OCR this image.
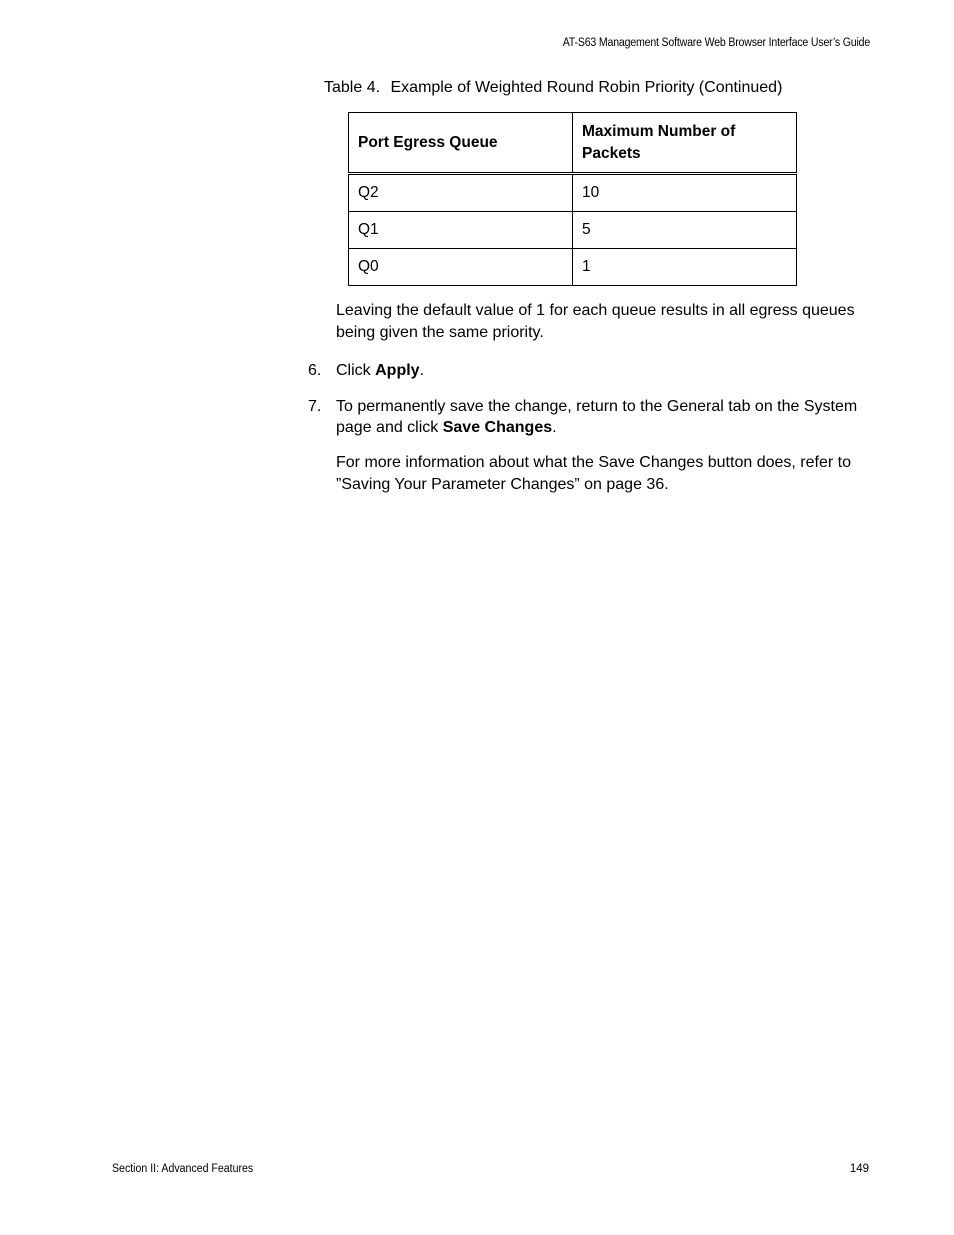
AT-S63 Management Software Web Browser Interface User’s Guide
Table 4. Example of Weighted Round Robin Priority (Continued)
Port Egress Queue	Maximum Number of Packets
Q2	10
Q1	5
Q0	1
Leaving the default value of 1 for each queue results in all egress queues being given the same priority.
6. Click Apply.
7. To permanently save the change, return to the General tab on the System page and click Save Changes.
For more information about what the Save Changes button does, refer to ”Saving Your Parameter Changes” on page 36.
Section II: Advanced Features	149
